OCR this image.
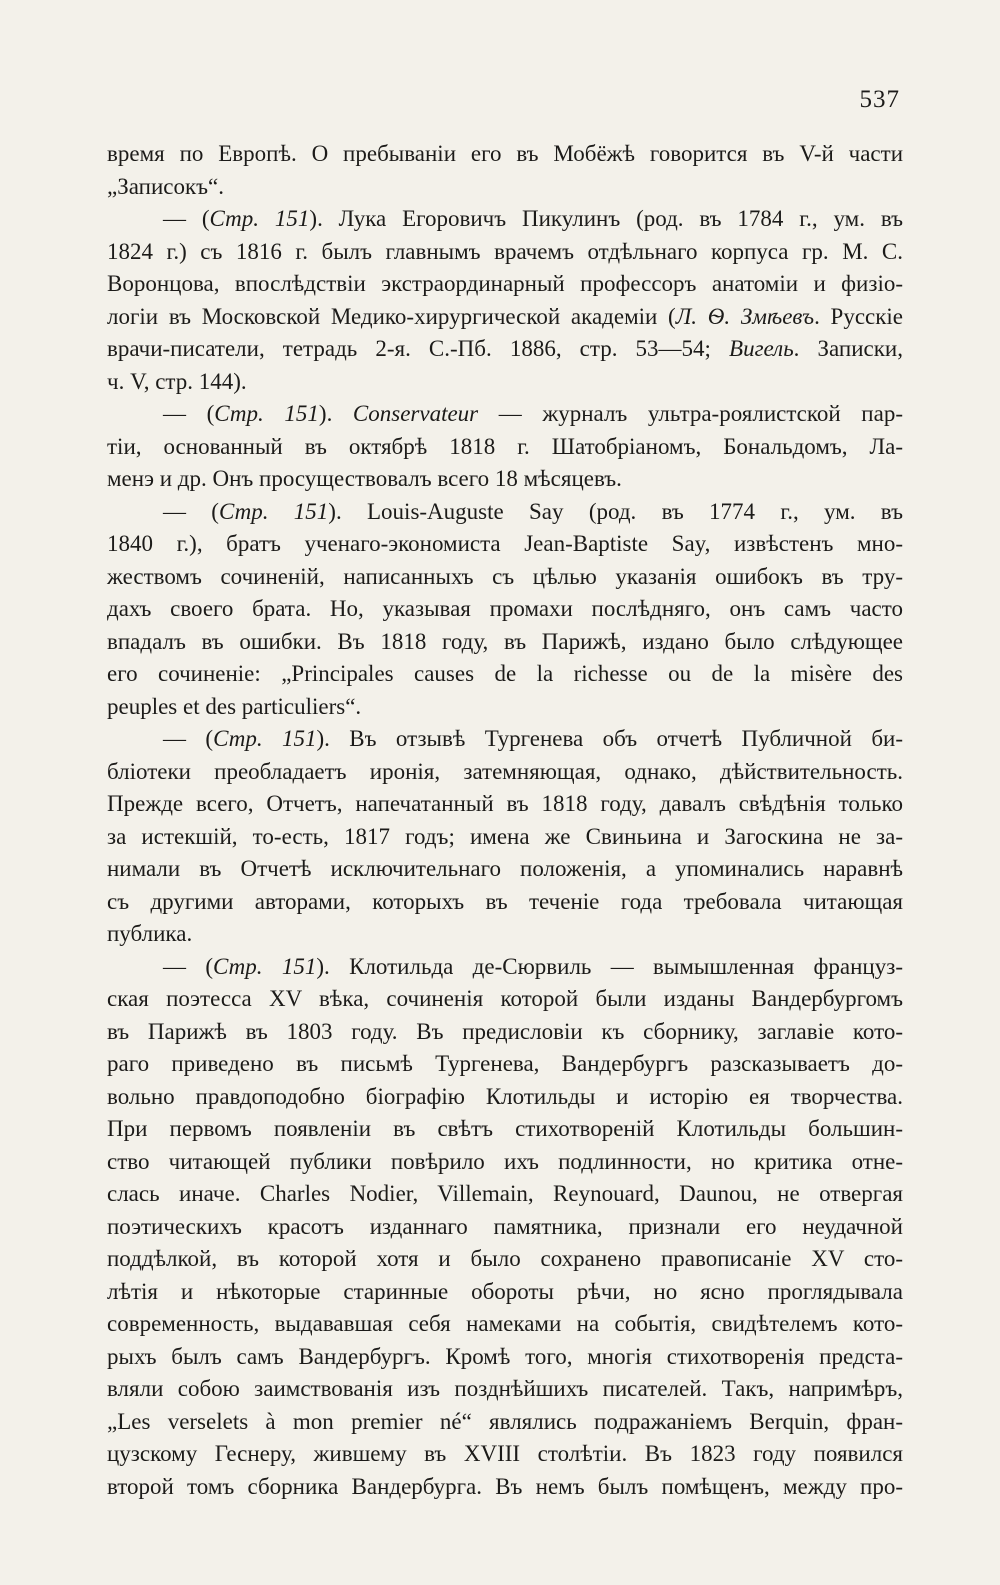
537
время по Европѣ. О пребываніи его въ Мобёжѣ говорится въ V-й части
„Записокъ“.
— (Стр. 151). Лука Егоровичъ Пикулинъ (род. въ 1784 г., ум. въ
1824 г.) съ 1816 г. былъ главнымъ врачемъ отдѣльнаго корпуса гр. М. С.
Воронцова, впослѣдствіи экстраординарный профессоръ анатоміи и физіо-
логіи въ Московской Медико-хирургической академіи (Л. Ѳ. Змѣевъ. Русскіе
врачи-писатели, тетрадь 2-я. С.-Пб. 1886, стр. 53—54; Вигель. Записки,
ч. V, стр. 144).
— (Стр. 151). Conservateur — журналъ ультра-роялистской пар-
тіи, основанный въ октябрѣ 1818 г. Шатобріаномъ, Бональдомъ, Ла-
менэ и др. Онъ просуществовалъ всего 18 мѣсяцевъ.
— (Стр. 151). Louis-Auguste Say (род. въ 1774 г., ум. въ
1840 г.), братъ ученаго-экономиста Jean-Baptiste Say, извѣстенъ мно-
жествомъ сочиненій, написанныхъ съ цѣлью указанія ошибокъ въ тру-
дахъ своего брата. Но, указывая промахи послѣдняго, онъ самъ часто
впадалъ въ ошибки. Въ 1818 году, въ Парижѣ, издано было слѣдующее
его сочиненіе: „Principales causes de la richesse ou de la misère des
peuples et des particuliers“.
— (Стр. 151). Въ отзывѣ Тургенева объ отчетѣ Публичной би-
бліотеки преобладаетъ иронія, затемняющая, однако, дѣйствительность.
Прежде всего, Отчетъ, напечатанный въ 1818 году, давалъ свѣдѣнія только
за истекшій, то-есть, 1817 годъ; имена же Свиньина и Загоскина не за-
нимали въ Отчетѣ исключительнаго положенія, а упоминались наравнѣ
съ другими авторами, которыхъ въ теченіе года требовала читающая
публика.
— (Стр. 151). Клотильда де-Сюрвиль — вымышленная француз-
ская поэтесса XV вѣка, сочиненія которой были изданы Вандербургомъ
въ Парижѣ въ 1803 году. Въ предисловіи къ сборнику, заглавіе кото-
раго приведено въ письмѣ Тургенева, Вандербургъ разсказываетъ до-
вольно правдоподобно біографію Клотильды и исторію ея творчества.
При первомъ появленіи въ свѣтъ стихотвореній Клотильды большин-
ство читающей публики повѣрило ихъ подлинности, но критика отне-
слась иначе. Charles Nodier, Villemain, Reynouard, Daunou, не отвергая
поэтическихъ красотъ изданнаго памятника, признали его неудачной
поддѣлкой, въ которой хотя и было сохранено правописаніе XV сто-
лѣтія и нѣкоторые старинные обороты рѣчи, но ясно проглядывала
современность, выдававшая себя намеками на событія, свидѣтелемъ кото-
рыхъ былъ самъ Вандербургъ. Кромѣ того, многія стихотворенія предста-
вляли собою заимствованія изъ позднѣйшихъ писателей. Такъ, напримѣръ,
„Les verselets à mon premier né“ являлись подражаніемъ Berquin, фран-
цузскому Геснеру, жившему въ XVIII столѣтіи. Въ 1823 году появился
второй томъ сборника Вандербурга. Въ немъ былъ помѣщенъ, между про-
